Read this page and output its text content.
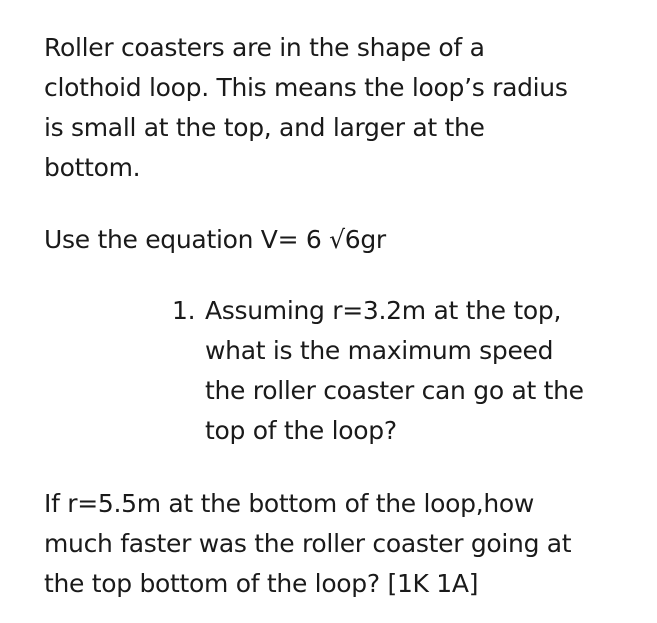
Roller coasters are in the shape of a
clothoid loop. This means the loop’s radius
is small at the top, and larger at the
bottom.
Use the equation V= 6 √6gr
1. Assuming r=3.2m at the top,
what is the maximum speed
the roller coaster can go at the
top of the loop?
If r=5.5m at the bottom of the loop,how
much faster was the roller coaster going at
the top bottom of the loop? [1K 1A]
